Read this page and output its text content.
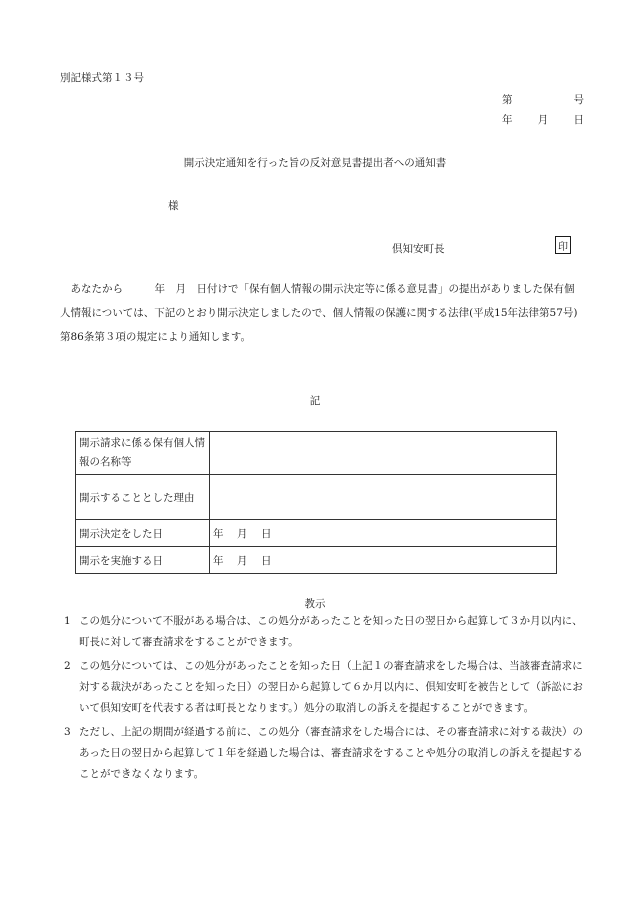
別記様式第１３号
第	号
年 月 日
開示決定通知を行った旨の反対意見書提出者への通知書
様
倶知安町長	印
あなたから　　　年　月　日付けで「保有個人情報の開示決定等に係る意見書」の提出がありました保有個人情報については、下記のとおり開示決定しましたので、個人情報の保護に関する法律(平成15年法律第57号)第86条第３項の規定により通知します。
記
開示請求に係る保有個人情報の名称等	
開示することとした理由	
開示決定をした日	年 月 日
開示を実施する日	年 月 日
教示
1 この処分について不服がある場合は、この処分があったことを知った日の翌日から起算して３か月以内に、町長に対して審査請求をすることができます。
2 この処分については、この処分があったことを知った日（上記１の審査請求をした場合は、当該審査請求に対する裁決があったことを知った日）の翌日から起算して６か月以内に、倶知安町を被告として（訴訟において倶知安町を代表する者は町長となります。）処分の取消しの訴えを提起することができます。
3 ただし、上記の期間が経過する前に、この処分（審査請求をした場合には、その審査請求に対する裁決）のあった日の翌日から起算して１年を経過した場合は、審査請求をすることや処分の取消しの訴えを提起することができなくなります。
